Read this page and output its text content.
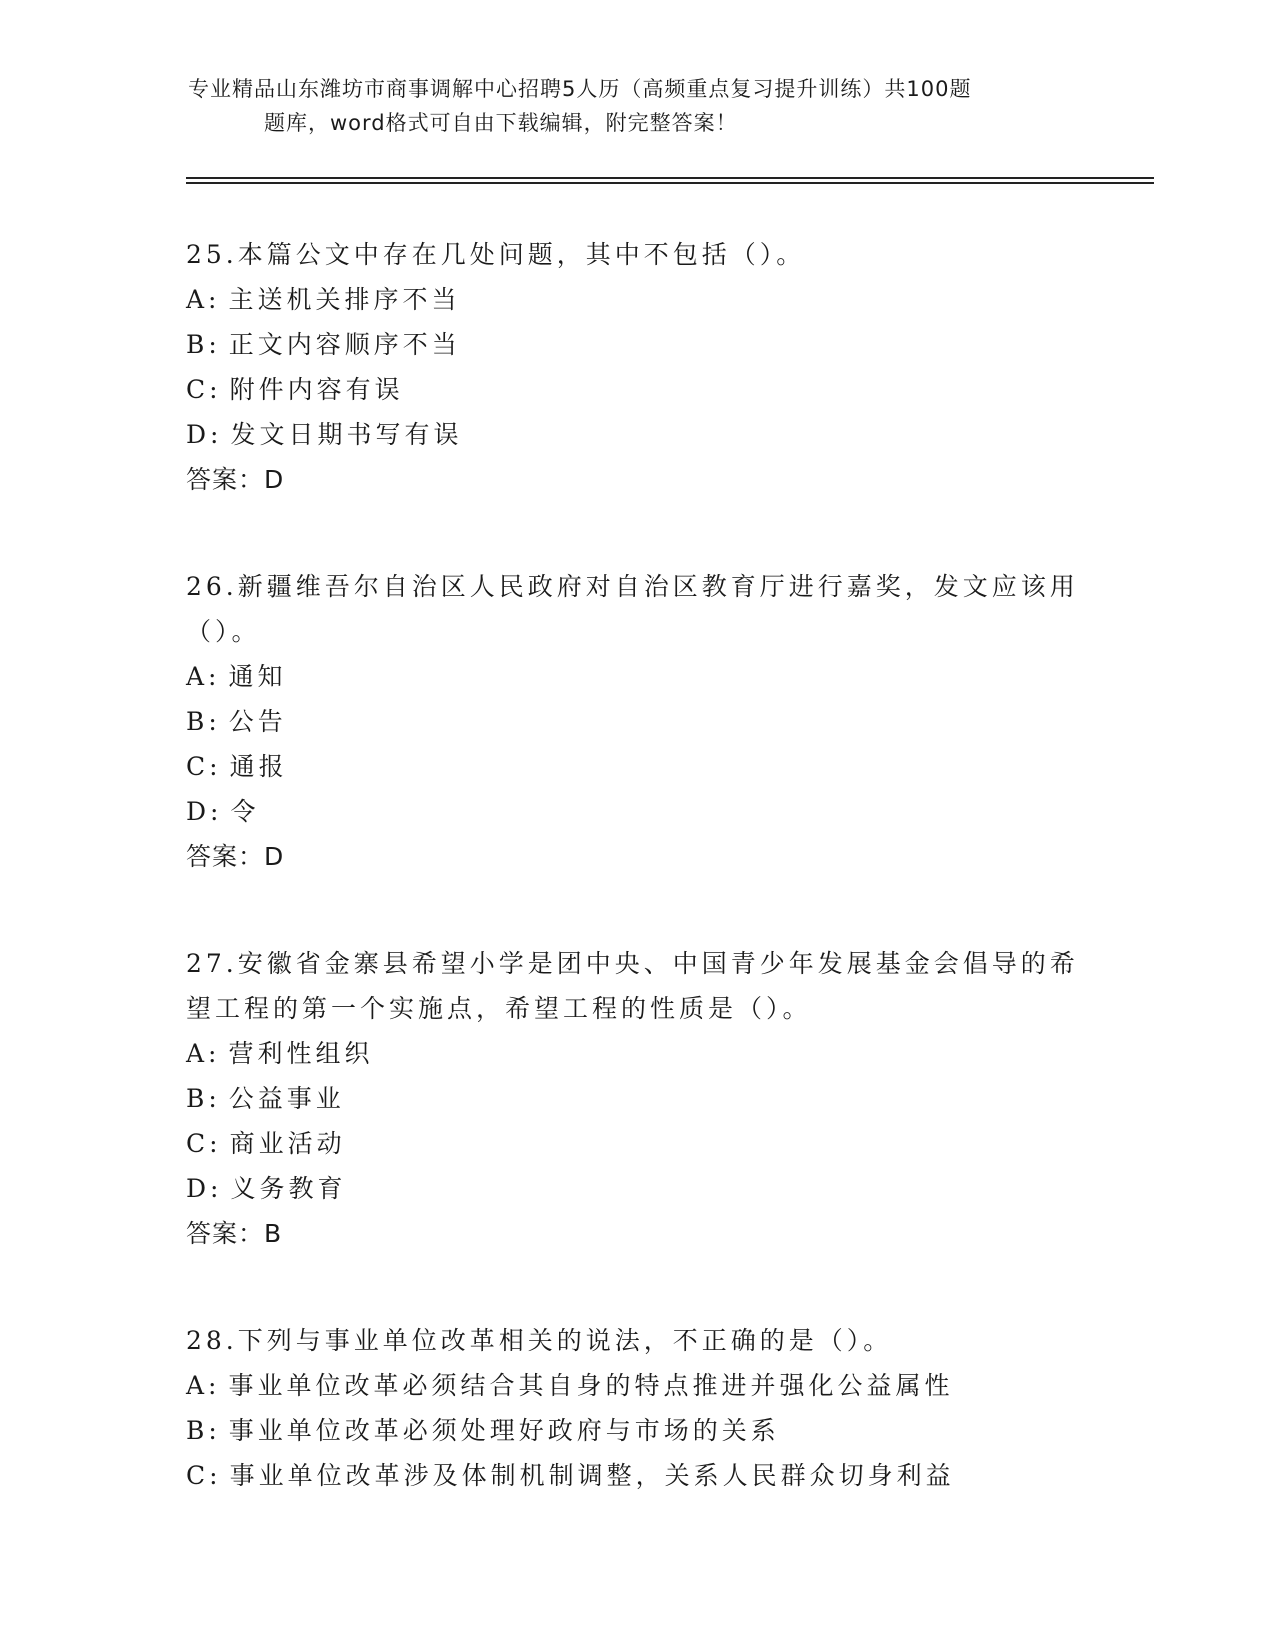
专业精品山东潍坊市商事调解中心招聘5人历（高频重点复习提升训练）共100题
题库，word格式可自由下载编辑，附完整答案！

25.本篇公文中存在几处问题，其中不包括（）。

A: 主送机关排序不当

B: 正文内容顺序不当

C: 附件内容有误

D: 发文日期书写有误

答案：D

26.新疆维吾尔自治区人民政府对自治区教育厅进行嘉奖，发文应该用（）。

A: 通知

B: 公告

C: 通报

D: 令

答案：D

27.安徽省金寨县希望小学是团中央、中国青少年发展基金会倡导的希望工程的第一个实施点，希望工程的性质是（）。

A: 营利性组织

B: 公益事业

C: 商业活动

D: 义务教育

答案：B

28.下列与事业单位改革相关的说法，不正确的是（）。

A: 事业单位改革必须结合其自身的特点推进并强化公益属性

B: 事业单位改革必须处理好政府与市场的关系

C: 事业单位改革涉及体制机制调整，关系人民群众切身利益
